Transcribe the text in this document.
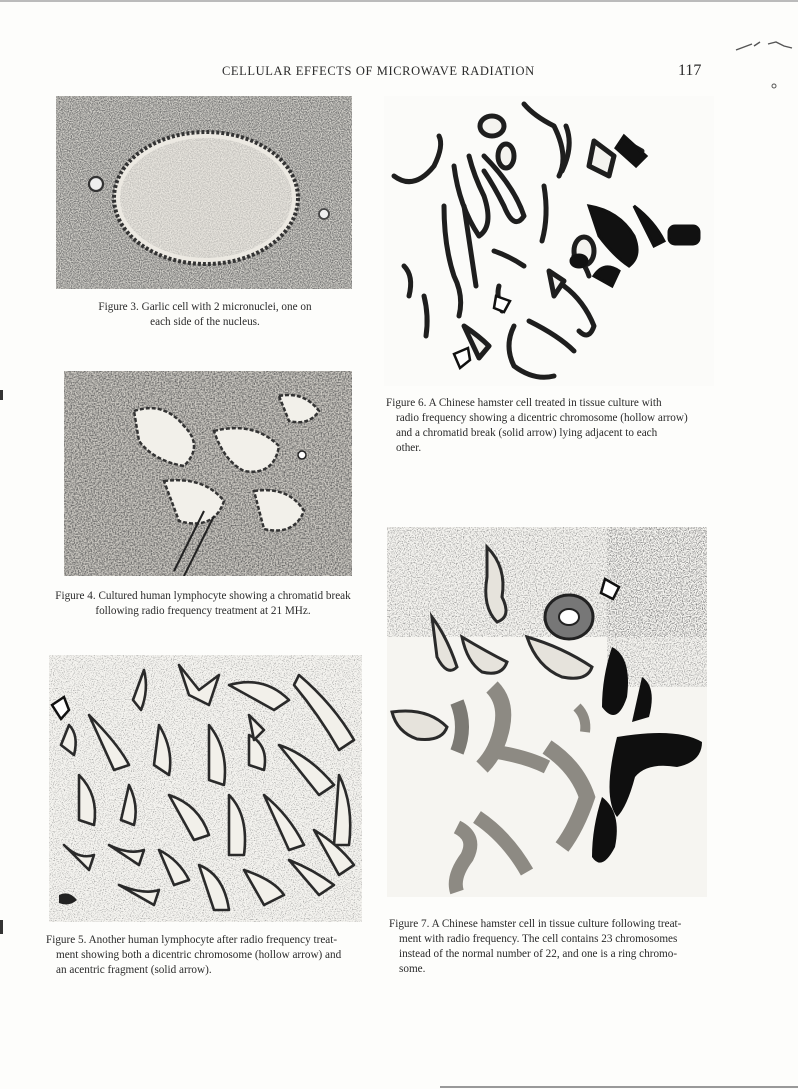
CELLULAR EFFECTS OF MICROWAVE RADIATION	117
Figure 3. Garlic cell with 2 micronuclei, one on
each side of the nucleus.
Figure 6. A Chinese hamster cell treated in tissue culture with
radio frequency showing a dicentric chromosome (hollow arrow)
and a chromatid break (solid arrow) lying adjacent to each
other.
Figure 4. Cultured human lymphocyte showing a chromatid break
following radio frequency treatment at 21 MHz.
Figure 7. A Chinese hamster cell in tissue culture following treat-
ment with radio frequency. The cell contains 23 chromosomes
instead of the normal number of 22, and one is a ring chromo-
some.
Figure 5. Another human lymphocyte after radio frequency treat-
ment showing both a dicentric chromosome (hollow arrow) and
an acentric fragment (solid arrow).
